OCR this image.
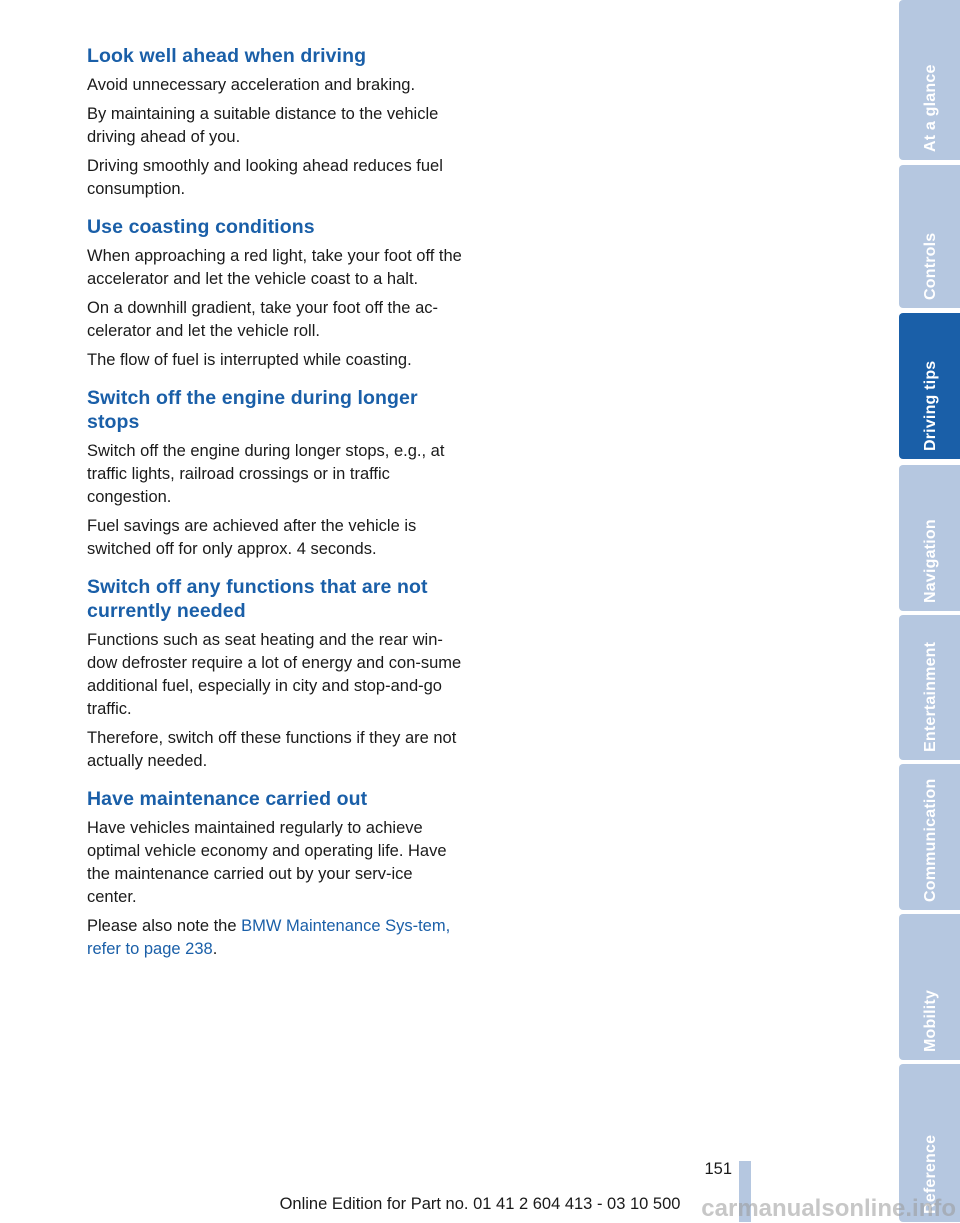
Look well ahead when driving

Avoid unnecessary acceleration and braking.

By maintaining a suitable distance to the vehicle driving ahead of you.

Driving smoothly and looking ahead reduces fuel consumption.

Use coasting conditions

When approaching a red light, take your foot off the accelerator and let the vehicle coast to a halt.

On a downhill gradient, take your foot off the ac‐celerator and let the vehicle roll.

The flow of fuel is interrupted while coasting.

Switch off the engine during longer stops

Switch off the engine during longer stops, e.g., at traffic lights, railroad crossings or in traffic congestion.

Fuel savings are achieved after the vehicle is switched off for only approx. 4 seconds.

Switch off any functions that are not currently needed

Functions such as seat heating and the rear win‐dow defroster require a lot of energy and con‐sume additional fuel, especially in city and stop-and-go traffic.

Therefore, switch off these functions if they are not actually needed.

Have maintenance carried out

Have vehicles maintained regularly to achieve optimal vehicle economy and operating life. Have the maintenance carried out by your serv‐ice center.

Please also note the BMW Maintenance Sys‐tem, refer to page 238.

At a glance
Controls
Driving tips
Navigation
Entertainment
Communication
Mobility
Reference
151
Online Edition for Part no. 01 41 2 604 413 - 03 10 500 carmanualsonline.info
